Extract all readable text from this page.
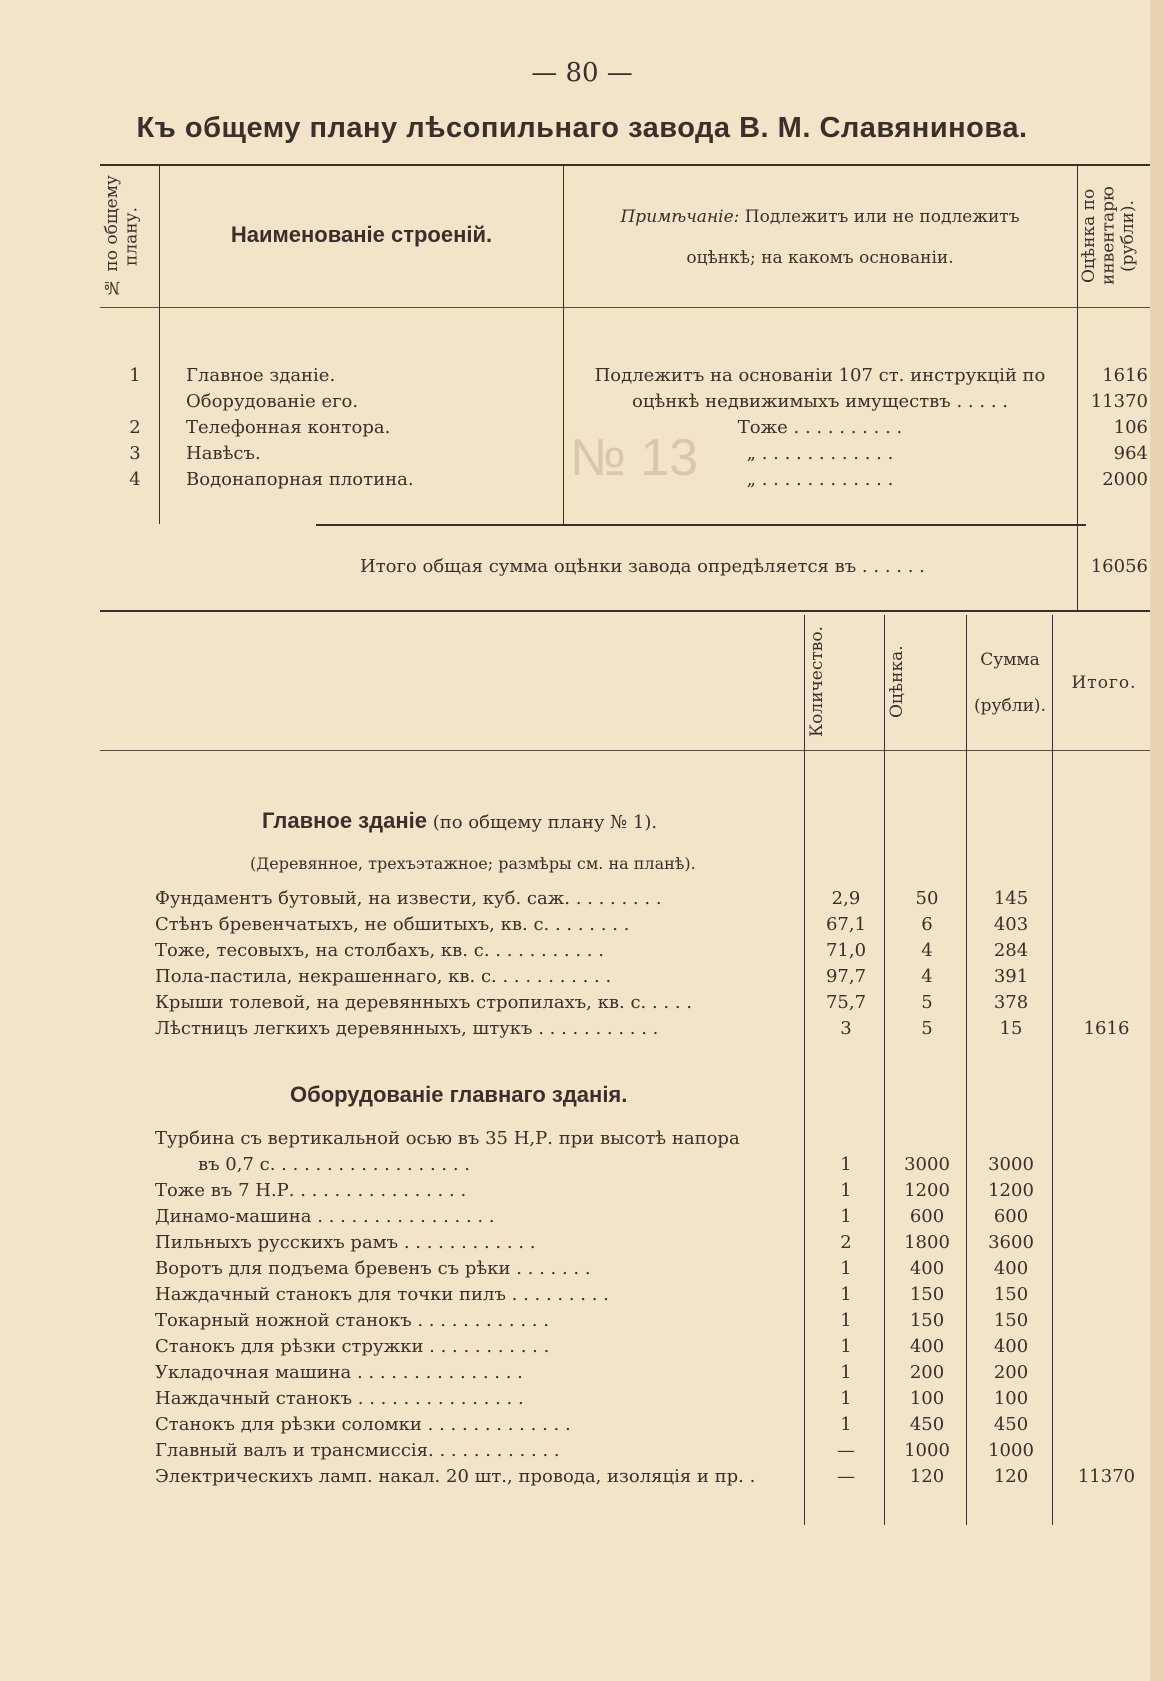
— 80 —
Къ общему плану лѣсопильнаго завода В. М. Славянинова.
№ по общему плану.	Наименованіе строеній.
Примѣчаніе: Подлежитъ или не подлежитъ
оцѣнкѣ; на какомъ основаніи.	Оцѣнка по инвентарю (рубли).
№ 13
1	Главное зданіе.	Подлежитъ на основаніи 107 ст. инструкцій по	1616
Оборудованіе его.	оцѣнкѣ недвижимыхъ имуществъ . . . . .	11370
2	Телефонная контора.	Тоже . . . . . . . . . .	106
3	Навѣсъ.	„ . . . . . . . . . . . .	964
4	Водонапорная плотина.	„ . . . . . . . . . . . .	2000
Итого общая сумма оцѣнки завода опредѣляется въ . . . . . .	16056
Количество.	Оцѣнка.	Сумма
(рубли).
Итого.
Главное зданіе (по общему плану № 1).
(Деревянное, трехъэтажное; размѣры см. на планѣ).
Фундаментъ бутовый, на извести, куб. саж. . . . . . . . .	2,9	50	145
Стѣнъ бревенчатыхъ, не обшитыхъ, кв. с. . . . . . . .	67,1	6	403
Тоже, тесовыхъ, на столбахъ, кв. с. . . . . . . . . . .	71,0	4	284
Пола-пастила, некрашеннаго, кв. с. . . . . . . . . . .	97,7	4	391
Крыши толевой, на деревянныхъ стропилахъ, кв. с. . . . .	75,7	5	378
Лѣстницъ легкихъ деревянныхъ, штукъ . . . . . . . . . . .	3	5	15	1616
Оборудованіе главнаго зданія.
Турбина съ вертикальной осью въ 35 Н,Р. при высотѣ напора
въ 0,7 с. . . . . . . . . . . . . . . . . .	1	3000	3000
Тоже въ 7 Н.Р. . . . . . . . . . . . . . . .	1	1200	1200
Динамо-машина . . . . . . . . . . . . . . . .	1	600	600
Пильныхъ русскихъ рамъ . . . . . . . . . . . .	2	1800	3600
Воротъ для подъема бревенъ съ рѣки . . . . . . .	1	400	400
Наждачный станокъ для точки пилъ . . . . . . . . .	1	150	150
Токарный ножной станокъ . . . . . . . . . . . .	1	150	150
Станокъ для рѣзки стружки . . . . . . . . . . .	1	400	400
Укладочная машина . . . . . . . . . . . . . . .	1	200	200
Наждачный станокъ . . . . . . . . . . . . . . .	1	100	100
Станокъ для рѣзки соломки . . . . . . . . . . . . .	1	450	450
Главный валъ и трансмиссія. . . . . . . . . . . .	—	1000	1000
Электрическихъ ламп. накал. 20 шт., провода, изоляція и пр. .	—	120	120	11370
